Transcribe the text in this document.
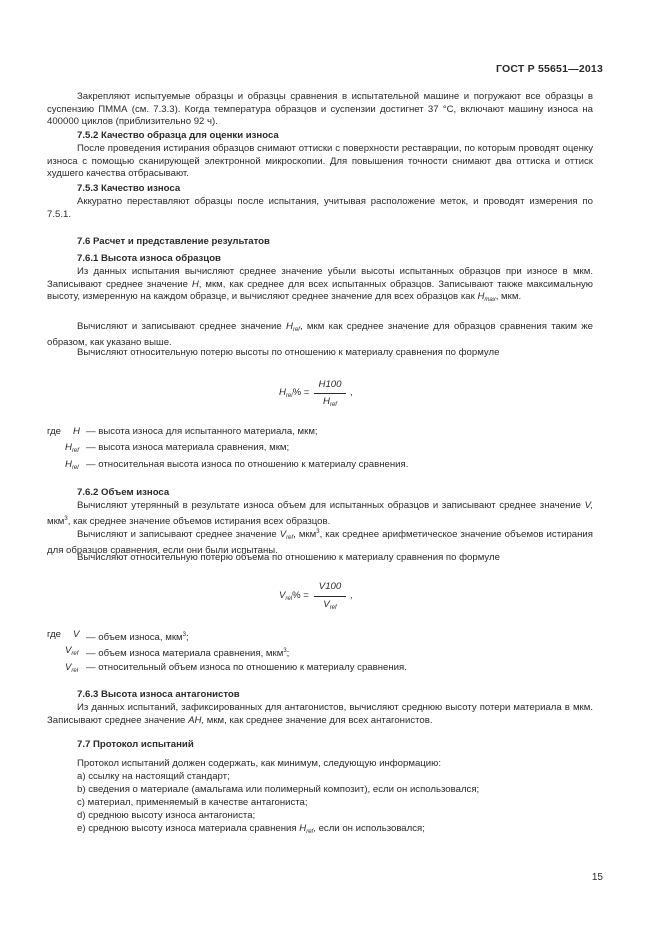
ГОСТ Р 55651—2013
Закрепляют испытуемые образцы и образцы сравнения в испытательной машине и погружают все образцы в суспензию ПММА (см. 7.3.3). Когда температура образцов и суспензии достигнет 37 °С, включают машину износа на 400000 циклов (приблизительно 92 ч).
7.5.2 Качество образца для оценки износа
После проведения истирания образцов снимают оттиски с поверхности реставрации, по которым проводят оценку износа с помощью сканирующей электронной микроскопии. Для повышения точности снимают два оттиска и оттиск худшего качества отбрасывают.
7.5.3 Качество износа
Аккуратно переставляют образцы после испытания, учитывая расположение меток, и проводят измерения по 7.5.1.
7.6 Расчет и представление результатов
7.6.1 Высота износа образцов
Из данных испытания вычисляют среднее значение убыли высоты испытанных образцов при износе в мкм. Записывают среднее значение H, мкм, как среднее для всех испытанных образцов. Записывают также максимальную высоту, измеренную на каждом образце, и вычисляют среднее значение для всех образцов как $H_{max}$, мкм.
Вычисляют и записывают среднее значение $H_{ref}$, мкм как среднее значение для образцов сравнения таким же образом, как указано выше.
Вычисляют относительную потерю высоты по отношению к материалу сравнения по формуле
$H_{rel}\%$ =
H100
$H_{ref}$
,
где H — высота износа для испытанного материала, мкм;
$H_{ref}$ — высота износа материала сравнения, мкм;
$H_{rel}$ — относительная высота износа по отношению к материалу сравнения.
7.6.2 Объем износа
Вычисляют утерянный в результате износа объем для испытанных образцов и записывают среднее значение V, мкм$^3$, как среднее значение объемов истирания всех образцов.
Вычисляют и записывают среднее значение $V_{ref}$, мкм$^3$, как среднее арифметическое значение объемов истирания для образцов сравнения, если они были испытаны.
Вычисляют относительную потерю объема по отношению к материалу сравнения по формуле
$V_{rel}\%$ =
V100
$V_{ref}$
,
где V — объем износа, мкм$^3$;
$V_{ref}$ — объем износа материала сравнения, мкм$^3$;
$V_{rel}$ — относительный объем износа по отношению к материалу сравнения.
7.6.3 Высота износа антагонистов
Из данных испытаний, зафиксированных для антагонистов, вычисляют среднюю высоту потери материала в мкм. Записывают среднее значение AH, мкм, как среднее значение для всех антагонистов.
7.7 Протокол испытаний
Протокол испытаний должен содержать, как минимум, следующую информацию:
a) ссылку на настоящий стандарт;
b) сведения о материале (амальгама или полимерный композит), если он использовался;
c) материал, применяемый в качестве антагониста;
d) среднюю высоту износа антагониста;
e) среднюю высоту износа материала сравнения $H_{ref}$, если он использовался;
15
